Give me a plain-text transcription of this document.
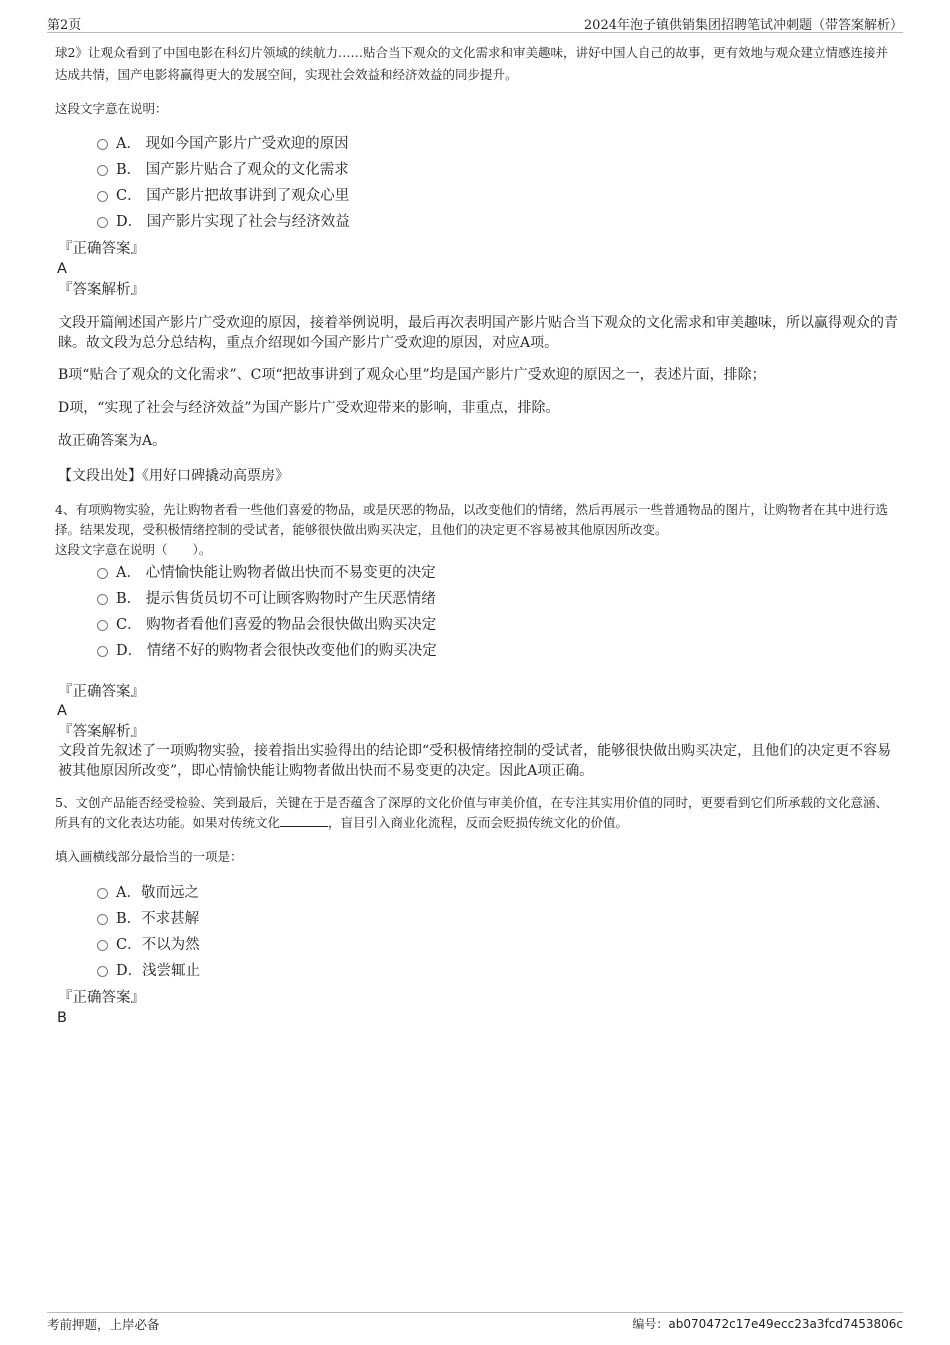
第2页	2024年泡子镇供销集团招聘笔试冲刺题（带答案解析）

球2》让观众看到了中国电影在科幻片领域的续航力……贴合当下观众的文化需求和审美趣味，讲好中国人自己的故事，更有效地与观众建立情感连接并达成共情，国产电影将赢得更大的发展空间，实现社会效益和经济效益的同步提升。

这段文字意在说明：

A． 现如今国产影片广受欢迎的原因
B． 国产影片贴合了观众的文化需求
C． 国产影片把故事讲到了观众心里
D． 国产影片实现了社会与经济效益
『正确答案』
A
『答案解析』

文段开篇阐述国产影片广受欢迎的原因，接着举例说明，最后再次表明国产影片贴合当下观众的文化需求和审美趣味，所以赢得观众的青睐。故文段为总分总结构，重点介绍现如今国产影片广受欢迎的原因，对应A项。

B项“贴合了观众的文化需求”、C项“把故事讲到了观众心里”均是国产影片广受欢迎的原因之一，表述片面，排除；

D项，“实现了社会与经济效益”为国产影片广受欢迎带来的影响，非重点，排除。

故正确答案为A。

【文段出处】《用好口碑撬动高票房》

4、有项购物实验，先让购物者看一些他们喜爱的物品，或是厌恶的物品，以改变他们的情绪，然后再展示一些普通物品的图片，让购物者在其中进行选择。结果发现，受积极情绪控制的受试者，能够很快做出购买决定，且他们的决定更不容易被其他原因所改变。

这段文字意在说明（　　）。

A． 心情愉快能让购物者做出快而不易变更的决定
B． 提示售货员切不可让顾客购物时产生厌恶情绪
C． 购物者看他们喜爱的物品会很快做出购买决定
D． 情绪不好的购物者会很快改变他们的购买决定
『正确答案』
A
『答案解析』

文段首先叙述了一项购物实验，接着指出实验得出的结论即“受积极情绪控制的受试者，能够很快做出购买决定，且他们的决定更不容易被其他原因所改变”，即心情愉快能让购物者做出快而不易变更的决定。因此A项正确。

5、文创产品能否经受检验、笑到最后，关键在于是否蕴含了深厚的文化价值与审美价值，在专注其实用价值的同时，更要看到它们所承载的文化意涵、所具有的文化表达功能。如果对传统文化	，盲目引入商业化流程，反而会贬损传统文化的价值。

填入画横线部分最恰当的一项是：

A．敬而远之
B．不求甚解
C．不以为然
D．浅尝辄止
『正确答案』
B
考前押题，上岸必备	编号：ab070472c17e49ecc23a3fcd7453806c
